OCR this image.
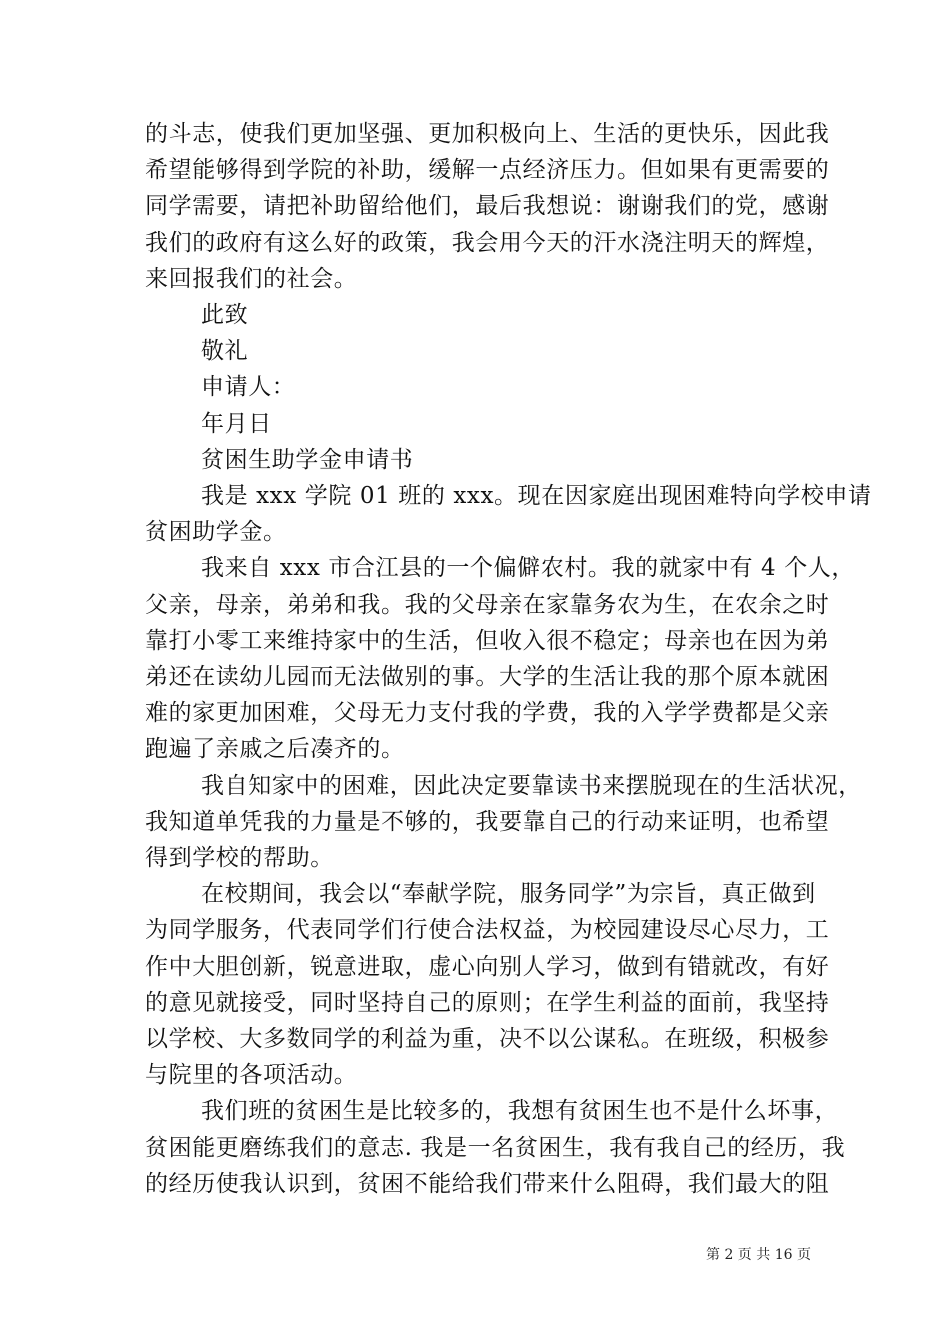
的斗志，使我们更加坚强、更加积极向上、生活的更快乐，因此我
希望能够得到学院的补助，缓解一点经济压力。但如果有更需要的
同学需要，请把补助留给他们，最后我想说：谢谢我们的党，感谢
我们的政府有这么好的政策，我会用今天的汗水浇注明天的辉煌，
来回报我们的社会。
此致
敬礼
申请人：
年月日
贫困生助学金申请书
我是 xxx 学院 01 班的 xxx。现在因家庭出现困难特向学校申请
贫困助学金。
我来自 xxx 市合江县的一个偏僻农村。我的就家中有 4 个人，
父亲，母亲，弟弟和我。我的父母亲在家靠务农为生，在农余之时
靠打小零工来维持家中的生活，但收入很不稳定；母亲也在因为弟
弟还在读幼儿园而无法做别的事。大学的生活让我的那个原本就困
难的家更加困难，父母无力支付我的学费，我的入学学费都是父亲
跑遍了亲戚之后凑齐的。
我自知家中的困难，因此决定要靠读书来摆脱现在的生活状况，
我知道单凭我的力量是不够的，我要靠自己的行动来证明，也希望
得到学校的帮助。
在校期间，我会以“奉献学院，服务同学”为宗旨，真正做到
为同学服务，代表同学们行使合法权益，为校园建设尽心尽力，工
作中大胆创新，锐意进取，虚心向别人学习，做到有错就改，有好
的意见就接受，同时坚持自己的原则；在学生利益的面前，我坚持
以学校、大多数同学的利益为重，决不以公谋私。在班级，积极参
与院里的各项活动。
我们班的贫困生是比较多的，我想有贫困生也不是什么坏事，
贫困能更磨练我们的意志. 我是一名贫困生，我有我自己的经历，我
的经历使我认识到，贫困不能给我们带来什么阻碍，我们最大的阻
第 2 页 共 16 页
